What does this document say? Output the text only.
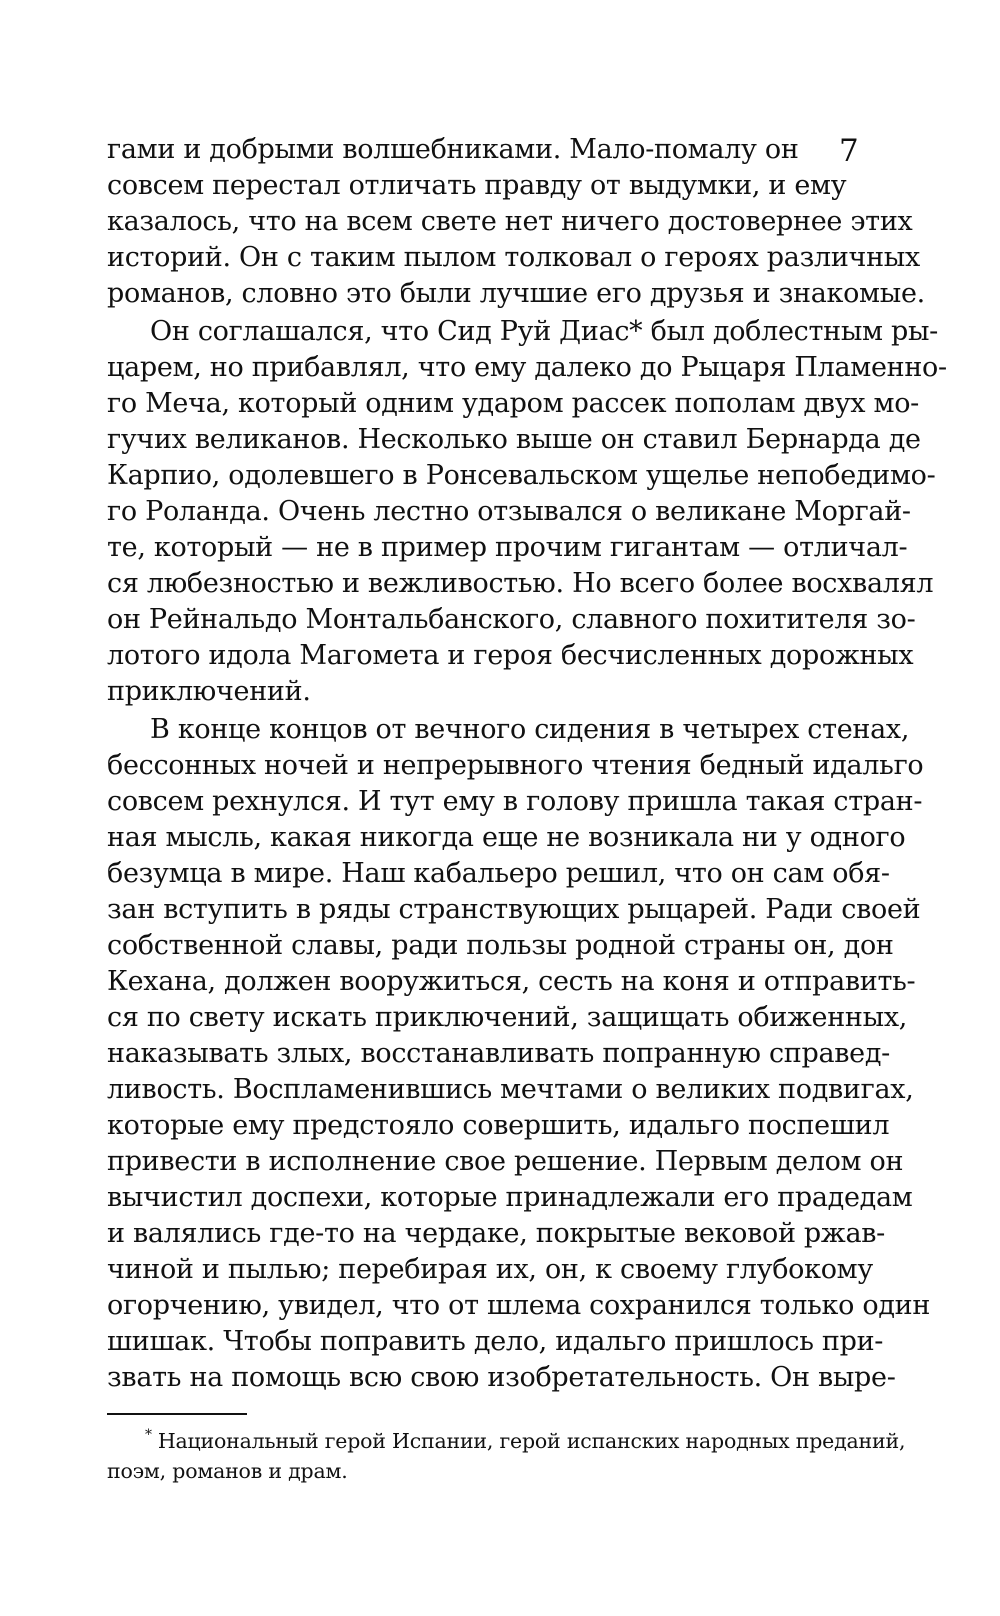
7
гами и добрыми волшебниками. Мало-помалу он
совсем перестал отличать правду от выдумки, и ему
казалось, что на всем свете нет ничего достовернее этих
историй. Он с таким пылом толковал о героях различных
романов, словно это были лучшие его друзья и знакомые.
Он соглашался, что Сид Руй Диас* был доблестным ры-
царем, но прибавлял, что ему далеко до Рыцаря Пламенно-
го Меча, который одним ударом рассек пополам двух мо-
гучих великанов. Несколько выше он ставил Бернарда де
Карпио, одолевшего в Ронсевальском ущелье непобедимо-
го Роланда. Очень лестно отзывался о великане Моргай-
те, который — не в пример прочим гигантам — отличал-
ся любезностью и вежливостью. Но всего более восхвалял
он Рейнальдо Монтальбанского, славного похитителя зо-
лотого идола Магомета и героя бесчисленных дорожных
приключений.
В конце концов от вечного сидения в четырех стенах,
бессонных ночей и непрерывного чтения бедный идальго
совсем рехнулся. И тут ему в голову пришла такая стран-
ная мысль, какая никогда еще не возникала ни у одного
безумца в мире. Наш кабальеро решил, что он сам обя-
зан вступить в ряды странствующих рыцарей. Ради своей
собственной славы, ради пользы родной страны он, дон
Кехана, должен вооружиться, сесть на коня и отправить-
ся по свету искать приключений, защищать обиженных,
наказывать злых, восстанавливать попранную справед-
ливость. Воспламенившись мечтами о великих подвигах,
которые ему предстояло совершить, идальго поспешил
привести в исполнение свое решение. Первым делом он
вычистил доспехи, которые принадлежали его прадедам
и валялись где-то на чердаке, покрытые вековой ржав-
чиной и пылью; перебирая их, он, к своему глубокому
огорчению, увидел, что от шлема сохранился только один
шишак. Чтобы поправить дело, идальго пришлось при-
звать на помощь всю свою изобретательность. Он выре-
* Национальный герой Испании, герой испанских народных преданий,
поэм, романов и драм.
